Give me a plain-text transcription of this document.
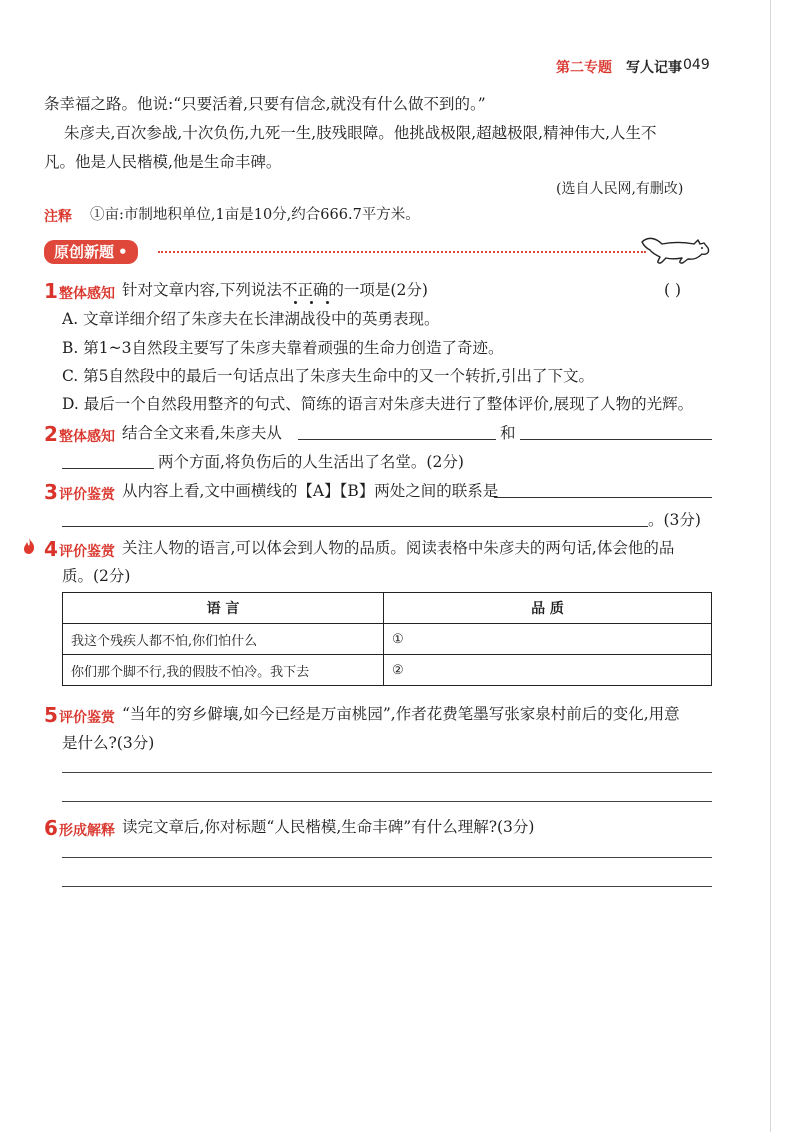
第二专题 写人记事 049
条幸福之路。他说:“只要活着,只要有信念,就没有什么做不到的。”
朱彦夫,百次参战,十次负伤,九死一生,肢残眼障。他挑战极限,超越极限,精神伟大,人生不
凡。他是人民楷模,他是生命丰碑。
(选自人民网,有删改)
注释 ①亩:市制地积单位,1亩是10分,约合666.7平方米。
原创新题 •
1 整体感知 针对文章内容,下列说法不正确的一项是(2分)	( )
A. 文章详细介绍了朱彦夫在长津湖战役中的英勇表现。
B. 第1~3自然段主要写了朱彦夫靠着顽强的生命力创造了奇迹。
C. 第5自然段中的最后一句话点出了朱彦夫生命中的又一个转折,引出了下文。
D. 最后一个自然段用整齐的句式、简练的语言对朱彦夫进行了整体评价,展现了人物的光辉。
2 整体感知 结合全文来看,朱彦夫从	和
两个方面,将负伤后的人生活出了名堂。(2分)
3 评价鉴赏 从内容上看,文中画横线的【A】【B】两处之间的联系是
。(3分)
4 评价鉴赏 关注人物的语言,可以体会到人物的品质。阅读表格中朱彦夫的两句话,体会他的品
质。(2分)
语 言	品 质
我这个残疾人都不怕,你们怕什么	①
你们那个脚不行,我的假肢不怕冷。我下去	②
5 评价鉴赏 “当年的穷乡僻壤,如今已经是万亩桃园”,作者花费笔墨写张家泉村前后的变化,用意
是什么?(3分)
6 形成解释 读完文章后,你对标题“人民楷模,生命丰碑”有什么理解?(3分)
